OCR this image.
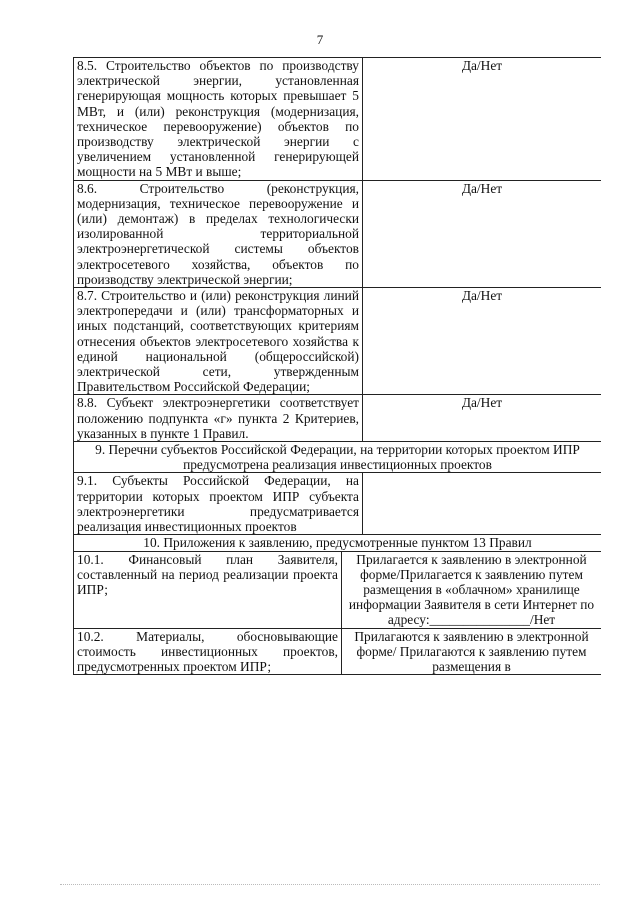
7
8.5. Строительство объектов по производству электрической энергии, установленная генерирующая мощность которых превышает 5 МВт, и (или) реконструкция (модернизация, техническое перевооружение) объектов по производству электрической энергии с увеличением установленной генерирующей мощности на 5 МВт и выше;	Да/Нет
8.6. Строительство (реконструкция, модернизация, техническое перевооружение и (или) демонтаж) в пределах технологически изолированной территориальной электроэнергетической системы объектов электросетевого хозяйства, объектов по производству электрической энергии;	Да/Нет
8.7. Строительство и (или) реконструкция линий электропередачи и (или) трансформаторных и иных подстанций, соответствующих критериям отнесения объектов электросетевого хозяйства к единой национальной (общероссийской) электрической сети, утвержденным Правительством Российской Федерации;	Да/Нет
8.8. Субъект электроэнергетики соответствует положению подпункта «г» пункта 2 Критериев, указанных в пункте 1 Правил.	Да/Нет
9. Перечни субъектов Российской Федерации, на территории которых проектом ИПР предусмотрена реализация инвестиционных проектов
9.1. Субъекты Российской Федерации, на территории которых проектом ИПР субъекта электроэнергетики предусматривается реализация инвестиционных проектов	
10. Приложения к заявлению, предусмотренные пунктом 13 Правил	
10.1. Финансовый план Заявителя, составленный на период реализации проекта ИПР;	Прилагается к заявлению в электронной форме/Прилагается к заявлению путем размещения в «облачном» хранилище информации Заявителя в сети Интернет по адресу:_______________/Нет
10.2. Материалы, обосновывающие стоимость инвестиционных проектов, предусмотренных проектом ИПР;	Прилагаются к заявлению в электронной форме/ Прилагаются к заявлению путем размещения в
